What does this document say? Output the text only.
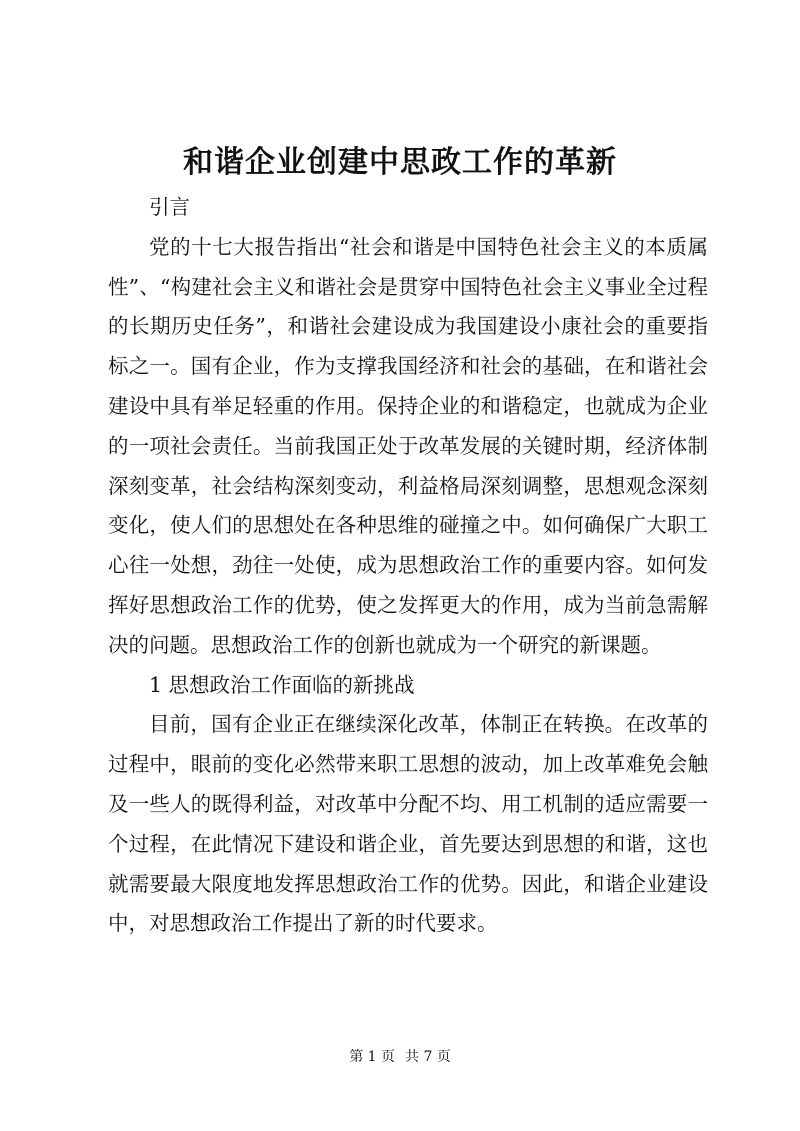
和谐企业创建中思政工作的革新

引言

党的十七大报告指出“社会和谐是中国特色社会主义的本质属性”、“构建社会主义和谐社会是贯穿中国特色社会主义事业全过程的长期历史任务”，和谐社会建设成为我国建设小康社会的重要指标之一。国有企业，作为支撑我国经济和社会的基础，在和谐社会建设中具有举足轻重的作用。保持企业的和谐稳定，也就成为企业的一项社会责任。当前我国正处于改革发展的关键时期，经济体制深刻变革，社会结构深刻变动，利益格局深刻调整，思想观念深刻变化，使人们的思想处在各种思维的碰撞之中。如何确保广大职工心往一处想，劲往一处使，成为思想政治工作的重要内容。如何发挥好思想政治工作的优势，使之发挥更大的作用，成为当前急需解决的问题。思想政治工作的创新也就成为一个研究的新课题。

1 思想政治工作面临的新挑战

目前，国有企业正在继续深化改革，体制正在转换。在改革的过程中，眼前的变化必然带来职工思想的波动，加上改革难免会触及一些人的既得利益，对改革中分配不均、用工机制的适应需要一个过程，在此情况下建设和谐企业，首先要达到思想的和谐，这也就需要最大限度地发挥思想政治工作的优势。因此，和谐企业建设中，对思想政治工作提出了新的时代要求。

第 1 页 共 7 页
